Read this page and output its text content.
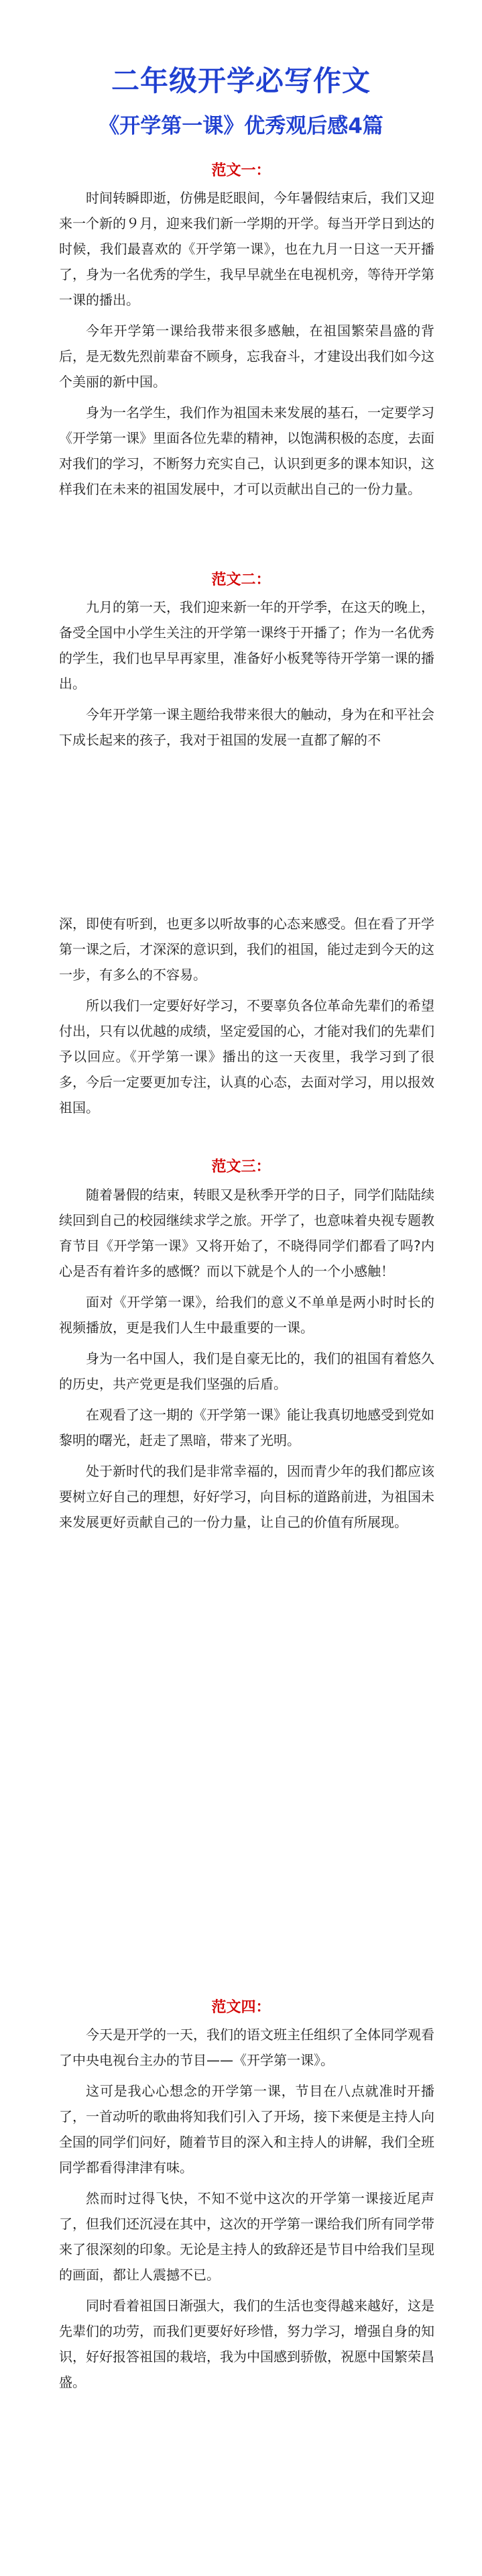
二年级开学必写作文
《开学第一课》优秀观后感4篇
范文一：

时间转瞬即逝，仿佛是眨眼间，今年暑假结束后，我们又迎来一个新的９月，迎来我们新一学期的开学。每当开学日到达的时候，我们最喜欢的《开学第一课》，也在九月一日这一天开播了，身为一名优秀的学生，我早早就坐在电视机旁，等待开学第一课的播出。

今年开学第一课给我带来很多感触，在祖国繁荣昌盛的背后，是无数先烈前辈奋不顾身，忘我奋斗，才建设出我们如今这个美丽的新中国。

身为一名学生，我们作为祖国未来发展的基石，一定要学习《开学第一课》里面各位先辈的精神，以饱满积极的态度，去面对我们的学习，不断努力充实自己，认识到更多的课本知识，这样我们在未来的祖国发展中，才可以贡献出自己的一份力量。

范文二：

九月的第一天，我们迎来新一年的开学季，在这天的晚上，备受全国中小学生关注的开学第一课终于开播了；作为一名优秀的学生，我们也早早再家里，准备好小板凳等待开学第一课的播出。

今年开学第一课主题给我带来很大的触动，身为在和平社会下成长起来的孩子，我对于祖国的发展一直都了解的不

深，即使有听到，也更多以听故事的心态来感受。但在看了开学第一课之后，才深深的意识到，我们的祖国，能过走到今天的这一步，有多么的不容易。

所以我们一定要好好学习，不要辜负各位革命先辈们的希望付出，只有以优越的成绩，坚定爱国的心，才能对我们的先辈们予以回应。《开学第一课》播出的这一天夜里，我学习到了很多，今后一定要更加专注，认真的心态，去面对学习，用以报效祖国。

范文三：

随着暑假的结束，转眼又是秋季开学的日子，同学们陆陆续续回到自己的校园继续求学之旅。开学了，也意味着央视专题教育节目《开学第一课》又将开始了，不晓得同学们都看了吗?内心是否有着许多的感慨？而以下就是个人的一个小感触！

面对《开学第一课》，给我们的意义不单单是两小时时长的视频播放，更是我们人生中最重要的一课。

身为一名中国人，我们是自豪无比的，我们的祖国有着悠久的历史，共产党更是我们坚强的后盾。

在观看了这一期的《开学第一课》能让我真切地感受到党如黎明的曙光，赶走了黑暗，带来了光明。

处于新时代的我们是非常幸福的，因而青少年的我们都应该要树立好自己的理想，好好学习，向目标的道路前进，为祖国未来发展更好贡献自己的一份力量，让自己的价值有所展现。

范文四：

今天是开学的一天，我们的语文班主任组织了全体同学观看了中央电视台主办的节目——《开学第一课》。

这可是我心心想念的开学第一课，节目在八点就准时开播了，一首动听的歌曲将知我们引入了开场，接下来便是主持人向全国的同学们问好，随着节目的深入和主持人的讲解，我们全班同学都看得津津有味。

然而时过得飞快，不知不觉中这次的开学第一课接近尾声了，但我们还沉浸在其中，这次的开学第一课给我们所有同学带来了很深刻的印象。无论是主持人的致辞还是节目中给我们呈现的画面，都让人震撼不已。

同时看着祖国日渐强大，我们的生活也变得越来越好，这是先辈们的功劳，而我们更要好好珍惜，努力学习，增强自身的知识，好好报答祖国的栽培，我为中国感到骄傲，祝愿中国繁荣昌盛。
